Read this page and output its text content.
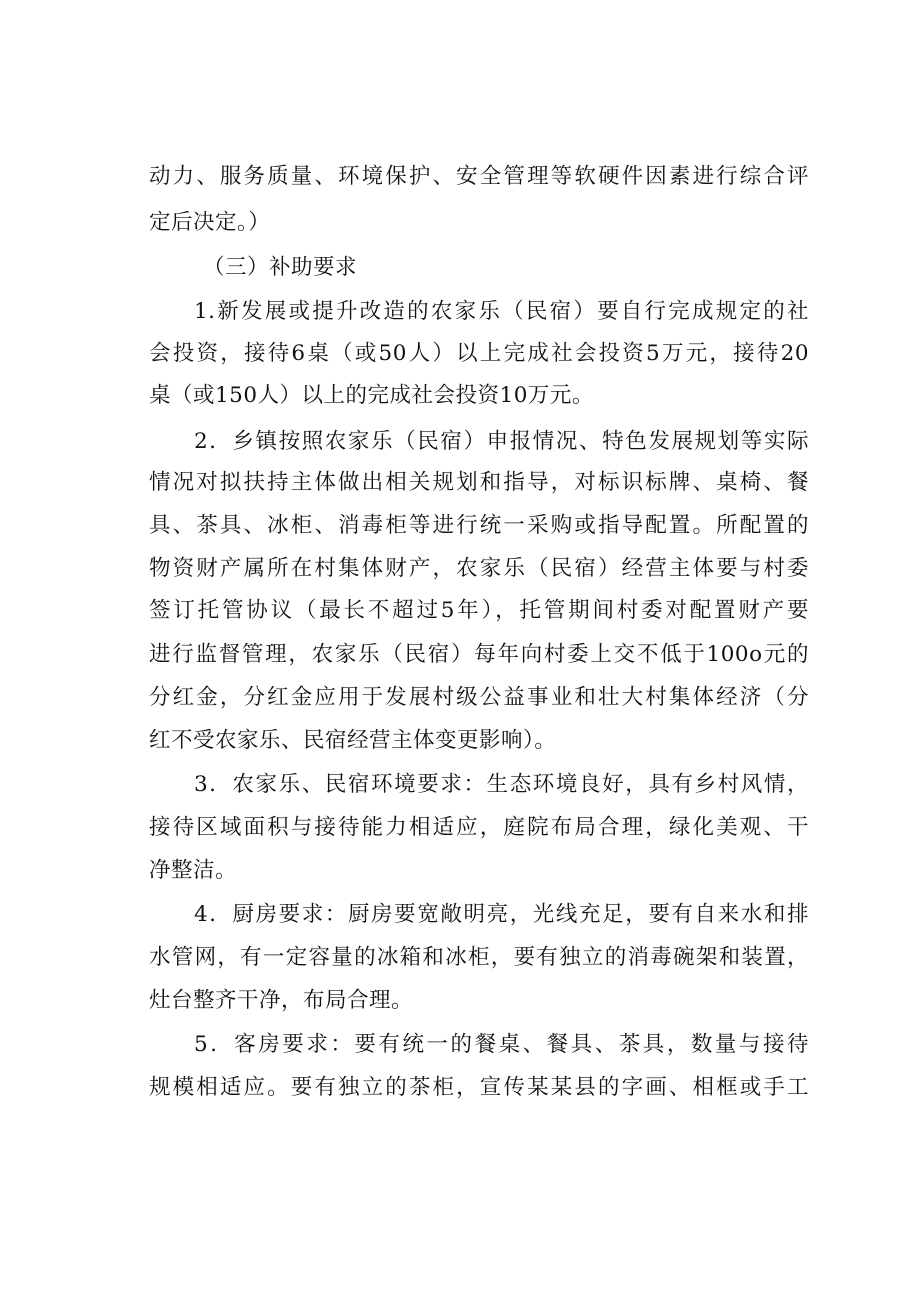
动力、服务质量、环境保护、安全管理等软硬件因素进行综合评
定后决定。）
（三）补助要求
1.新发展或提升改造的农家乐（民宿）要自行完成规定的社
会投资，接待6桌（或50人）以上完成社会投资5万元，接待20
桌（或150人）以上的完成社会投资10万元。
2．乡镇按照农家乐（民宿）申报情况、特色发展规划等实际
情况对拟扶持主体做出相关规划和指导，对标识标牌、桌椅、餐
具、茶具、冰柜、消毒柜等进行统一采购或指导配置。所配置的
物资财产属所在村集体财产，农家乐（民宿）经营主体要与村委
签订托管协议（最长不超过5年），托管期间村委对配置财产要
进行监督管理，农家乐（民宿）每年向村委上交不低于100o元的
分红金，分红金应用于发展村级公益事业和壮大村集体经济（分
红不受农家乐、民宿经营主体变更影响）。
3．农家乐、民宿环境要求：生态环境良好，具有乡村风情，
接待区域面积与接待能力相适应，庭院布局合理，绿化美观、干
净整洁。
4．厨房要求：厨房要宽敞明亮，光线充足，要有自来水和排
水管网，有一定容量的冰箱和冰柜，要有独立的消毒碗架和装置，
灶台整齐干净，布局合理。
5．客房要求：要有统一的餐桌、餐具、茶具，数量与接待
规模相适应。要有独立的茶柜，宣传某某县的字画、相框或手工
